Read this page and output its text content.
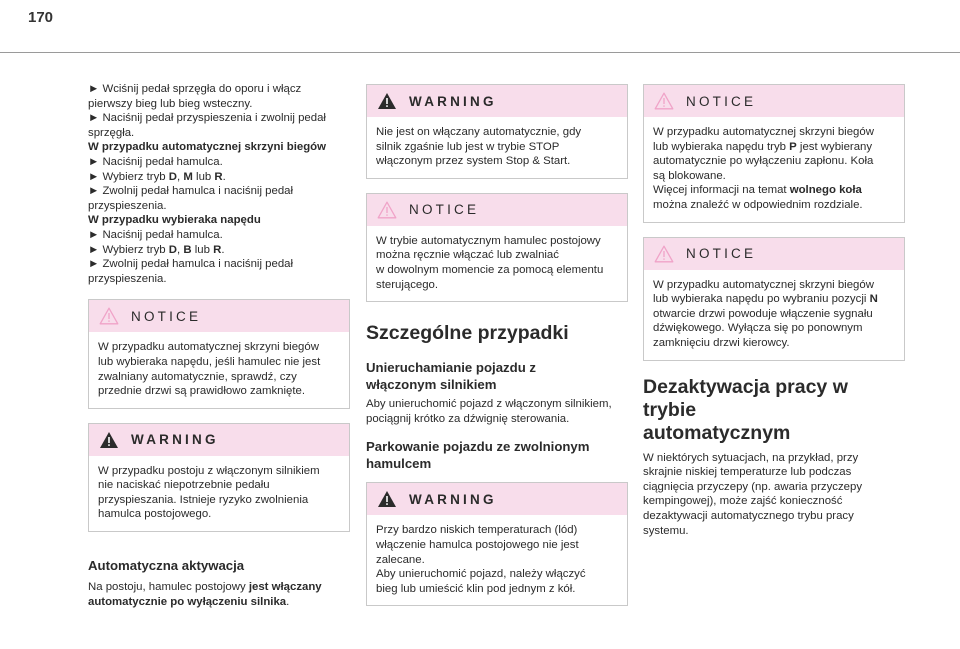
170
► Wciśnij pedał sprzęgła do oporu i włącz
pierwszy bieg lub bieg wsteczny.
► Naciśnij pedał przyspieszenia i zwolnij pedał
sprzęgła.
W przypadku automatycznej skrzyni biegów
► Naciśnij pedał hamulca.
► Wybierz tryb D, M lub R.
► Zwolnij pedał hamulca i naciśnij pedał
przyspieszenia.
W przypadku wybieraka napędu
► Naciśnij pedał hamulca.
► Wybierz tryb D, B lub R.
► Zwolnij pedał hamulca i naciśnij pedał
przyspieszenia.
NOTICE
W przypadku automatycznej skrzyni biegów
lub wybieraka napędu, jeśli hamulec nie jest
zwalniany automatycznie, sprawdź, czy
przednie drzwi są prawidłowo zamknięte.
WARNING
W przypadku postoju z włączonym silnikiem
nie naciskać niepotrzebnie pedału
przyspieszania. Istnieje ryzyko zwolnienia
hamulca postojowego.
Automatyczna aktywacja
Na postoju, hamulec postojowy jest włączany
automatycznie po wyłączeniu silnika.
WARNING
Nie jest on włączany automatycznie, gdy
silnik zgaśnie lub jest w trybie STOP
włączonym przez system Stop & Start.
NOTICE
W trybie automatycznym hamulec postojowy
można ręcznie włączać lub zwalniać
w dowolnym momencie za pomocą elementu
sterującego.
Szczególne przypadki
Unieruchamianie pojazdu z
włączonym silnikiem
Aby unieruchomić pojazd z włączonym silnikiem,
pociągnij krótko za dźwignię sterowania.
Parkowanie pojazdu ze zwolnionym
hamulcem
WARNING
Przy bardzo niskich temperaturach (lód)
włączenie hamulca postojowego nie jest
zalecane.
Aby unieruchomić pojazd, należy włączyć
bieg lub umieścić klin pod jednym z kół.
NOTICE
W przypadku automatycznej skrzyni biegów
lub wybieraka napędu tryb P jest wybierany
automatycznie po wyłączeniu zapłonu. Koła
są blokowane.
Więcej informacji na temat wolnego koła
można znaleźć w odpowiednim rozdziale.
NOTICE
W przypadku automatycznej skrzyni biegów
lub wybieraka napędu po wybraniu pozycji N
otwarcie drzwi powoduje włączenie sygnału
dźwiękowego. Wyłącza się po ponownym
zamknięciu drzwi kierowcy.
Dezaktywacja pracy w trybie
automatycznym
W niektórych sytuacjach, na przykład, przy
skrajnie niskiej temperaturze lub podczas
ciągnięcia przyczepy (np. awaria przyczepy
kempingowej), może zajść konieczność
dezaktywacji automatycznego trybu pracy
systemu.
